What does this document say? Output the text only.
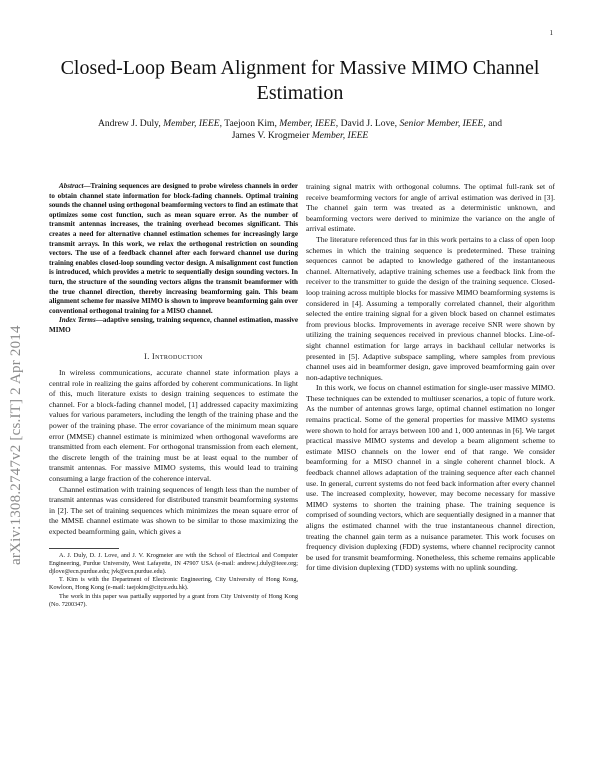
1
arXiv:1308.2747v2 [cs.IT] 2 Apr 2014
Closed-Loop Beam Alignment for Massive MIMO Channel Estimation
Andrew J. Duly, Member, IEEE, Taejoon Kim, Member, IEEE, David J. Love, Senior Member, IEEE, and
James V. Krogmeier Member, IEEE

Abstract—Training sequences are designed to probe wireless channels in order to obtain channel state information for block-fading channels. Optimal training sounds the channel using orthogonal beamforming vectors to find an estimate that optimizes some cost function, such as mean square error. As the number of transmit antennas increases, the training overhead becomes significant. This creates a need for alternative channel estimation schemes for increasingly large transmit arrays. In this work, we relax the orthogonal restriction on sounding vectors. The use of a feedback channel after each forward channel use during training enables closed-loop sounding vector design. A misalignment cost function is introduced, which provides a metric to sequentially design sounding vectors. In turn, the structure of the sounding vectors aligns the transmit beamformer with the true channel direction, thereby increasing beamforming gain. This beam alignment scheme for massive MIMO is shown to improve beamforming gain over conventional orthogonal training for a MISO channel.

Index Terms—adaptive sensing, training sequence, channel estimation, massive MIMO

I. Introduction

In wireless communications, accurate channel state information plays a central role in realizing the gains afforded by coherent communications. In light of this, much literature exists to design training sequences to estimate the channel. For a block-fading channel model, [1] addressed capacity maximizing values for various parameters, including the length of the training phase and the power of the training phase. The error covariance of the minimum mean square error (MMSE) channel estimate is minimized when orthogonal waveforms are transmitted from each element. For orthogonal transmission from each element, the discrete length of the training must be at least equal to the number of transmit antennas. For massive MIMO systems, this would lead to training consuming a large fraction of the coherence interval.

Channel estimation with training sequences of length less than the number of transmit antennas was considered for distributed transmit beamforming systems in [2]. The set of training sequences which minimizes the mean square error of the MMSE channel estimate was shown to be similar to those maximizing the expected beamforming gain, which gives a

A. J. Duly, D. J. Love, and J. V. Krogmeier are with the School of Electrical and Computer Engineering, Purdue University, West Lafayette, IN 47907 USA (e-mail: andrew.j.duly@ieee.org; djlove@ecn.purdue.edu; jvk@ecn.purdue.edu).

T. Kim is with the Department of Electronic Engineering, City University of Hong Kong, Kowloon, Hong Kong (e-mail: taejokim@cityu.edu.hk).

The work in this paper was partially supported by a grant from City University of Hong Kong (No. 7200347).

training signal matrix with orthogonal columns. The optimal full-rank set of receive beamforming vectors for angle of arrival estimation was derived in [3]. The channel gain term was treated as a deterministic unknown, and beamforming vectors were derived to minimize the variance on the angle of arrival estimate.

The literature referenced thus far in this work pertains to a class of open loop schemes in which the training sequence is predetermined. These training sequences cannot be adapted to knowledge gathered of the instantaneous channel. Alternatively, adaptive training schemes use a feedback link from the receiver to the transmitter to guide the design of the training sequence. Closed-loop training across multiple blocks for massive MIMO beamforming systems is considered in [4]. Assuming a temporally correlated channel, their algorithm selected the entire training signal for a given block based on channel estimates from previous blocks. Improvements in average receive SNR were shown by utilizing the training sequences received in previous channel blocks. Line-of-sight channel estimation for large arrays in backhaul cellular networks is presented in [5]. Adaptive subspace sampling, where samples from previous channel uses aid in beamformer design, gave improved beamforming gain over non-adaptive techniques.

In this work, we focus on channel estimation for single-user massive MIMO. These techniques can be extended to multiuser scenarios, a topic of future work. As the number of antennas grows large, optimal channel estimation no longer remains practical. Some of the general properties for massive MIMO systems were shown to hold for arrays between 100 and 1, 000 antennas in [6]. We target practical massive MIMO systems and develop a beam alignment scheme to estimate MISO channels on the lower end of that range. We consider beamforming for a MISO channel in a single coherent channel block. A feedback channel allows adaptation of the training sequence after each channel use. In general, current systems do not feed back information after every channel use. The increased complexity, however, may become necessary for massive MIMO systems to shorten the training phase. The training sequence is comprised of sounding vectors, which are sequentially designed in a manner that aligns the estimated channel with the true instantaneous channel direction, treating the channel gain term as a nuisance parameter. This work focuses on frequency division duplexing (FDD) systems, where channel reciprocity cannot be used for transmit beamforming. Nonetheless, this scheme remains applicable for time division duplexing (TDD) systems with no uplink sounding.
